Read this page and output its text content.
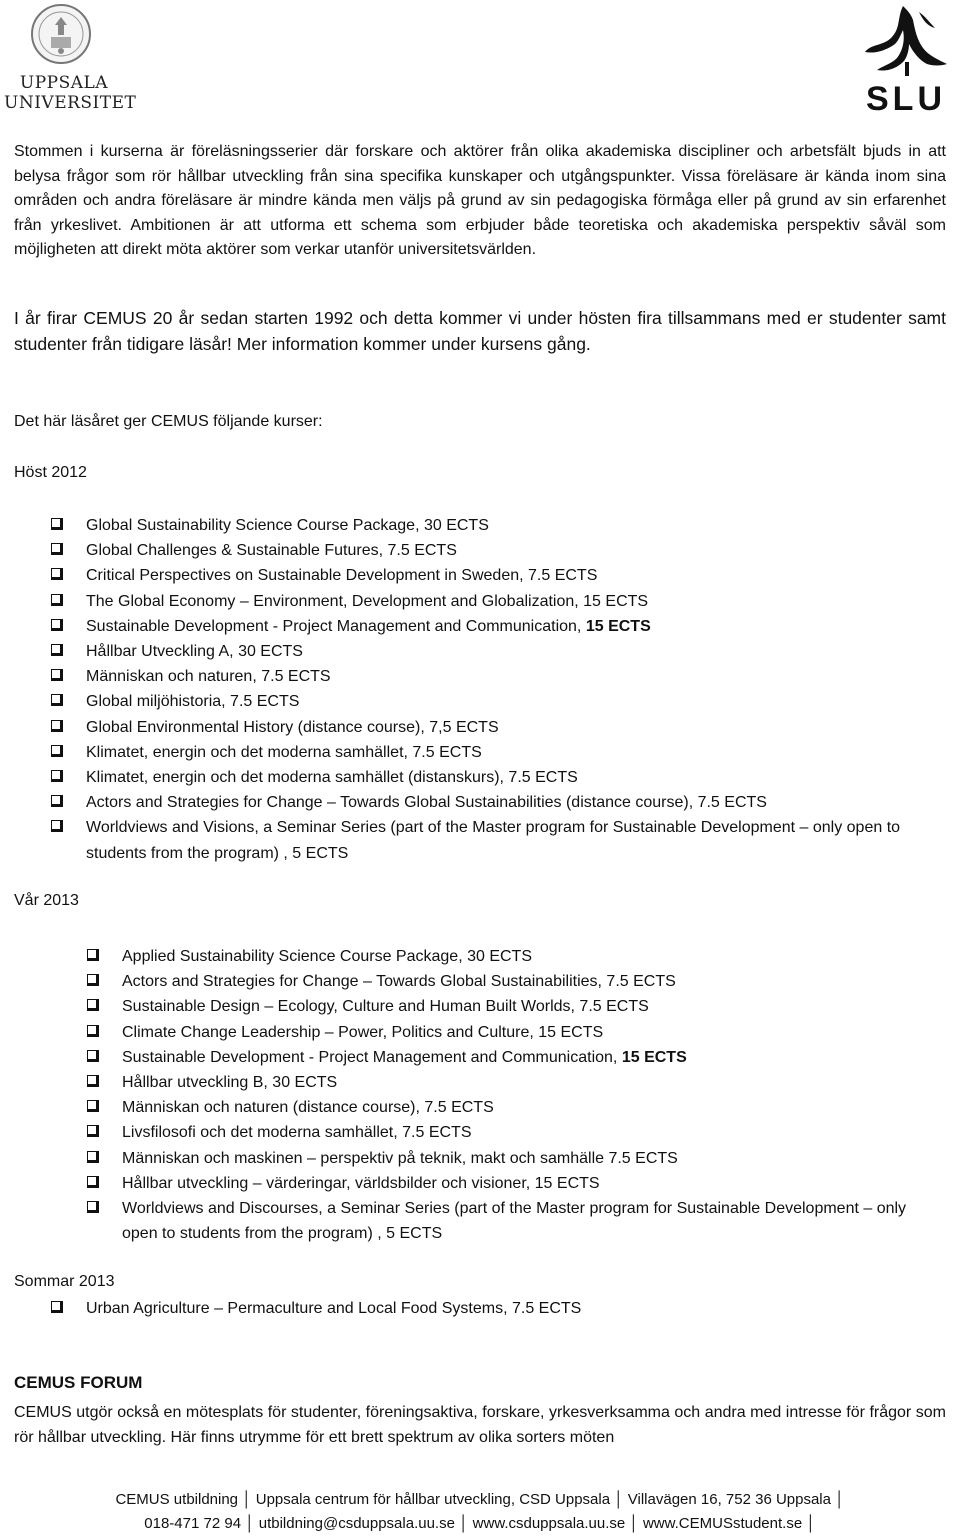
UPPSALA
UNIVERSITET	SLU

Stommen i kurserna är föreläsningsserier där forskare och aktörer från olika akademiska discipliner och arbetsfält bjuds in att belysa frågor som rör hållbar utveckling från sina specifika kunskaper och utgångspunkter. Vissa föreläsare är kända inom sina områden och andra föreläsare är mindre kända men väljs på grund av sin pedagogiska förmåga eller på grund av sin erfarenhet från yrkeslivet. Ambitionen är att utforma ett schema som erbjuder både teoretiska och akademiska perspektiv såväl som möjligheten att direkt möta aktörer som verkar utanför universitetsvärlden.

I år firar CEMUS 20 år sedan starten 1992 och detta kommer vi under hösten fira tillsammans med er studenter samt studenter från tidigare läsår! Mer information kommer under kursens gång.

Det här läsåret ger CEMUS följande kurser:
Höst 2012
Global Sustainability Science Course Package, 30 ECTS
Global Challenges & Sustainable Futures, 7.5 ECTS
Critical Perspectives on Sustainable Development in Sweden, 7.5 ECTS
The Global Economy – Environment, Development and Globalization, 15 ECTS
Sustainable Development - Project Management and Communication, 15 ECTS
Hållbar Utveckling A, 30 ECTS
Människan och naturen, 7.5 ECTS
Global miljöhistoria, 7.5 ECTS
Global Environmental History (distance course), 7,5 ECTS
Klimatet, energin och det moderna samhället, 7.5 ECTS
Klimatet, energin och det moderna samhället (distanskurs), 7.5 ECTS
Actors and Strategies for Change – Towards Global Sustainabilities (distance course), 7.5 ECTS
Worldviews and Visions, a Seminar Series (part of the Master program for Sustainable Development – only open to students from the program) , 5 ECTS
Vår 2013
Applied Sustainability Science Course Package, 30 ECTS
Actors and Strategies for Change – Towards Global Sustainabilities, 7.5 ECTS
Sustainable Design – Ecology, Culture and Human Built Worlds, 7.5 ECTS
Climate Change Leadership – Power, Politics and Culture, 15 ECTS
Sustainable Development - Project Management and Communication, 15 ECTS
Hållbar utveckling B, 30 ECTS
Människan och naturen (distance course), 7.5 ECTS
Livsfilosofi och det moderna samhället, 7.5 ECTS
Människan och maskinen – perspektiv på teknik, makt och samhälle 7.5 ECTS
Hållbar utveckling – värderingar, världsbilder och visioner, 15 ECTS
Worldviews and Discourses, a Seminar Series (part of the Master program for Sustainable Development – only open to students from the program) , 5 ECTS
Sommar 2013
Urban Agriculture – Permaculture and Local Food Systems, 7.5 ECTS
CEMUS FORUM

CEMUS utgör också en mötesplats för studenter, föreningsaktiva, forskare, yrkesverksamma och andra med intresse för frågor som rör hållbar utveckling. Här finns utrymme för ett brett spektrum av olika sorters möten

CEMUS utbildning │ Uppsala centrum för hållbar utveckling, CSD Uppsala │ Villavägen 16, 752 36 Uppsala │
018-471 72 94 │ utbildning@csduppsala.uu.se │ www.csduppsala.uu.se │ www.CEMUSstudent.se │
